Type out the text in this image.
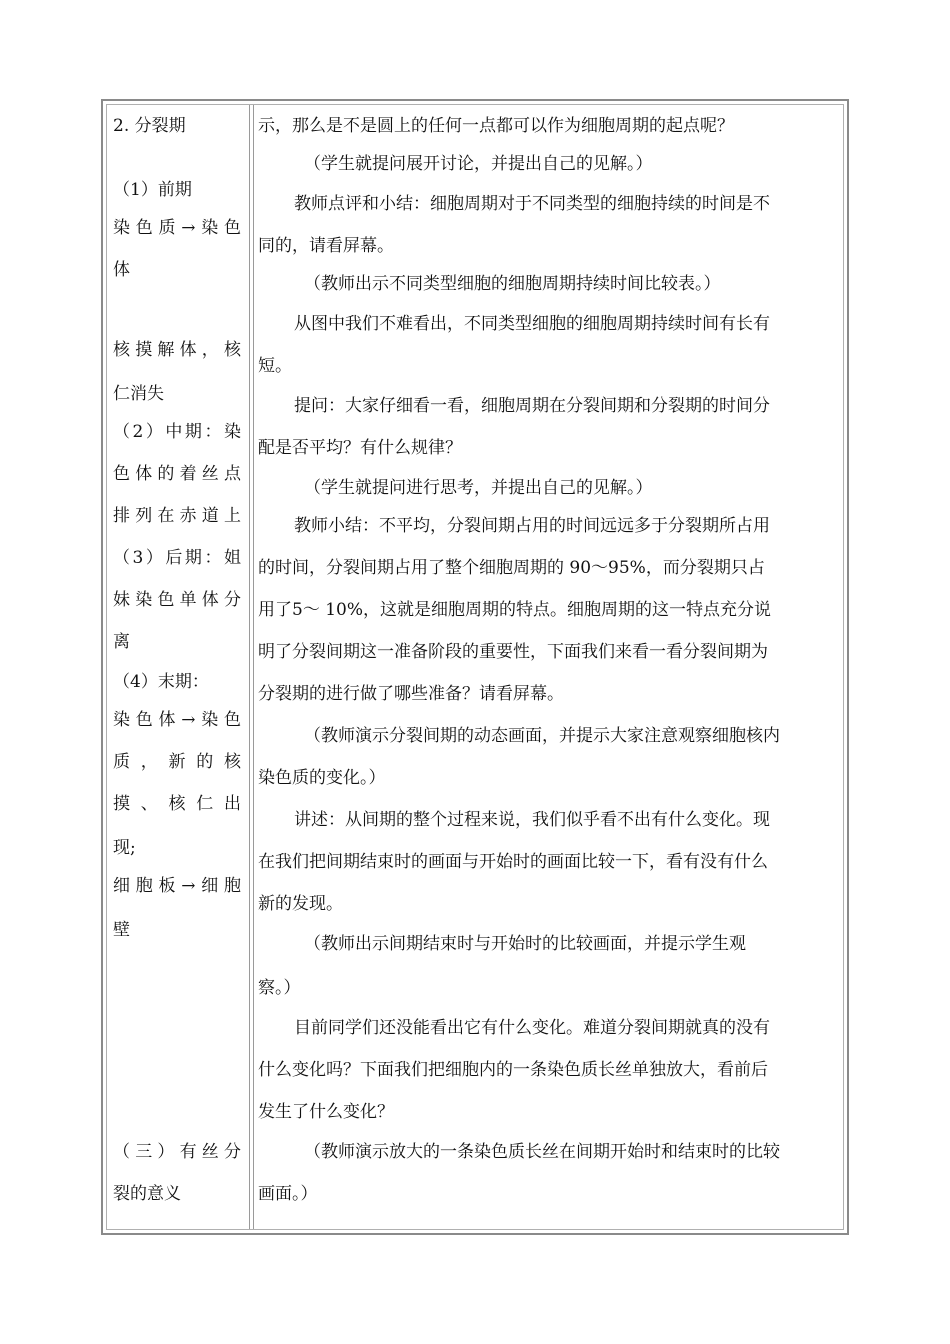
2. 分裂期
（1）前期
染色质→染色
体
核摸解体，核
仁消失
（2）中期：染
色体的着丝点
排列在赤道上
（3）后期：姐
妹染色单体分
离
（4）末期：
染色体→染色
质 ， 新 的 核
摸 、 核 仁 出
现;
细胞板→细胞
壁
（三）有丝分
裂的意义
示，那么是不是圆上的任何一点都可以作为细胞周期的起点呢？
（学生就提问展开讨论，并提出自己的见解。）
教师点评和小结：细胞周期对于不同类型的细胞持续的时间是不
同的，请看屏幕。
（教师出示不同类型细胞的细胞周期持续时间比较表。）
从图中我们不难看出，不同类型细胞的细胞周期持续时间有长有
短。
提问：大家仔细看一看，细胞周期在分裂间期和分裂期的时间分
配是否平均？有什么规律？
（学生就提问进行思考，并提出自己的见解。）
教师小结：不平均，分裂间期占用的时间远远多于分裂期所占用
的时间，分裂间期占用了整个细胞周期的 90～95%，而分裂期只占
用了5～ 10%，这就是细胞周期的特点。细胞周期的这一特点充分说
明了分裂间期这一准备阶段的重要性，下面我们来看一看分裂间期为
分裂期的进行做了哪些准备？请看屏幕。
（教师演示分裂间期的动态画面，并提示大家注意观察细胞核内
染色质的变化。）
讲述：从间期的整个过程来说，我们似乎看不出有什么变化。现
在我们把间期结束时的画面与开始时的画面比较一下，看有没有什么
新的发现。
（教师出示间期结束时与开始时的比较画面，并提示学生观
察。）
目前同学们还没能看出它有什么变化。难道分裂间期就真的没有
什么变化吗？下面我们把细胞内的一条染色质长丝单独放大，看前后
发生了什么变化？
（教师演示放大的一条染色质长丝在间期开始时和结束时的比较
画面。）
